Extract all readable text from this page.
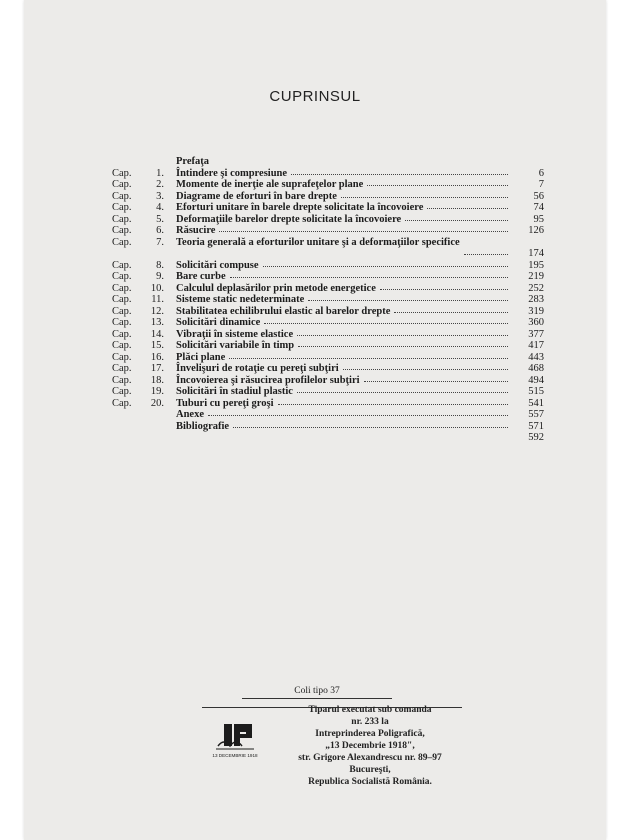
CUPRINSUL
Prefaţa
Cap.	1. Întindere şi compresiune	6
Cap.	2. Momente de inerţie ale suprafeţelor plane	7
Cap.	3. Diagrame de eforturi în bare drepte	56
Cap.	4. Eforturi unitare în barele drepte solicitate la încovoiere	74
Cap.	5. Deformaţiile barelor drepte solicitate la încovoiere	95
Cap.	6. Răsucire	126
Cap.	7. Teoria generală a eforturilor unitare şi a deformaţiilor specifice
174
Cap.	8. Solicitări compuse	195
Cap.	9. Bare curbe	219
Cap.	10. Calculul deplasărilor prin metode energetice	252
Cap.	11. Sisteme static nedeterminate	283
Cap.	12. Stabilitatea echilibrului elastic al barelor drepte	319
Cap.	13. Solicitări dinamice	360
Cap.	14. Vibraţii în sisteme elastice	377
Cap.	15. Solicitări variabile în timp	417
Cap.	16. Plăci plane	443
Cap.	17. Învelişuri de rotaţie cu pereţi subţiri	468
Cap.	18. Încovoierea şi răsucirea profilelor subţiri	494
Cap.	19. Solicitări în stadiul plastic	515
Cap.	20. Tuburi cu pereţi groşi	541
Anexe	557
Bibliografie	571
592
Coli tipo 37
13 DECEMBRIE 1918
Tiparul executat sub comanda
nr. 233 la
Intreprinderea Poligrafică,
„13 Decembrie 1918",
str. Grigore Alexandrescu nr. 89–97
Bucureşti,
Republica Socialistă România.
